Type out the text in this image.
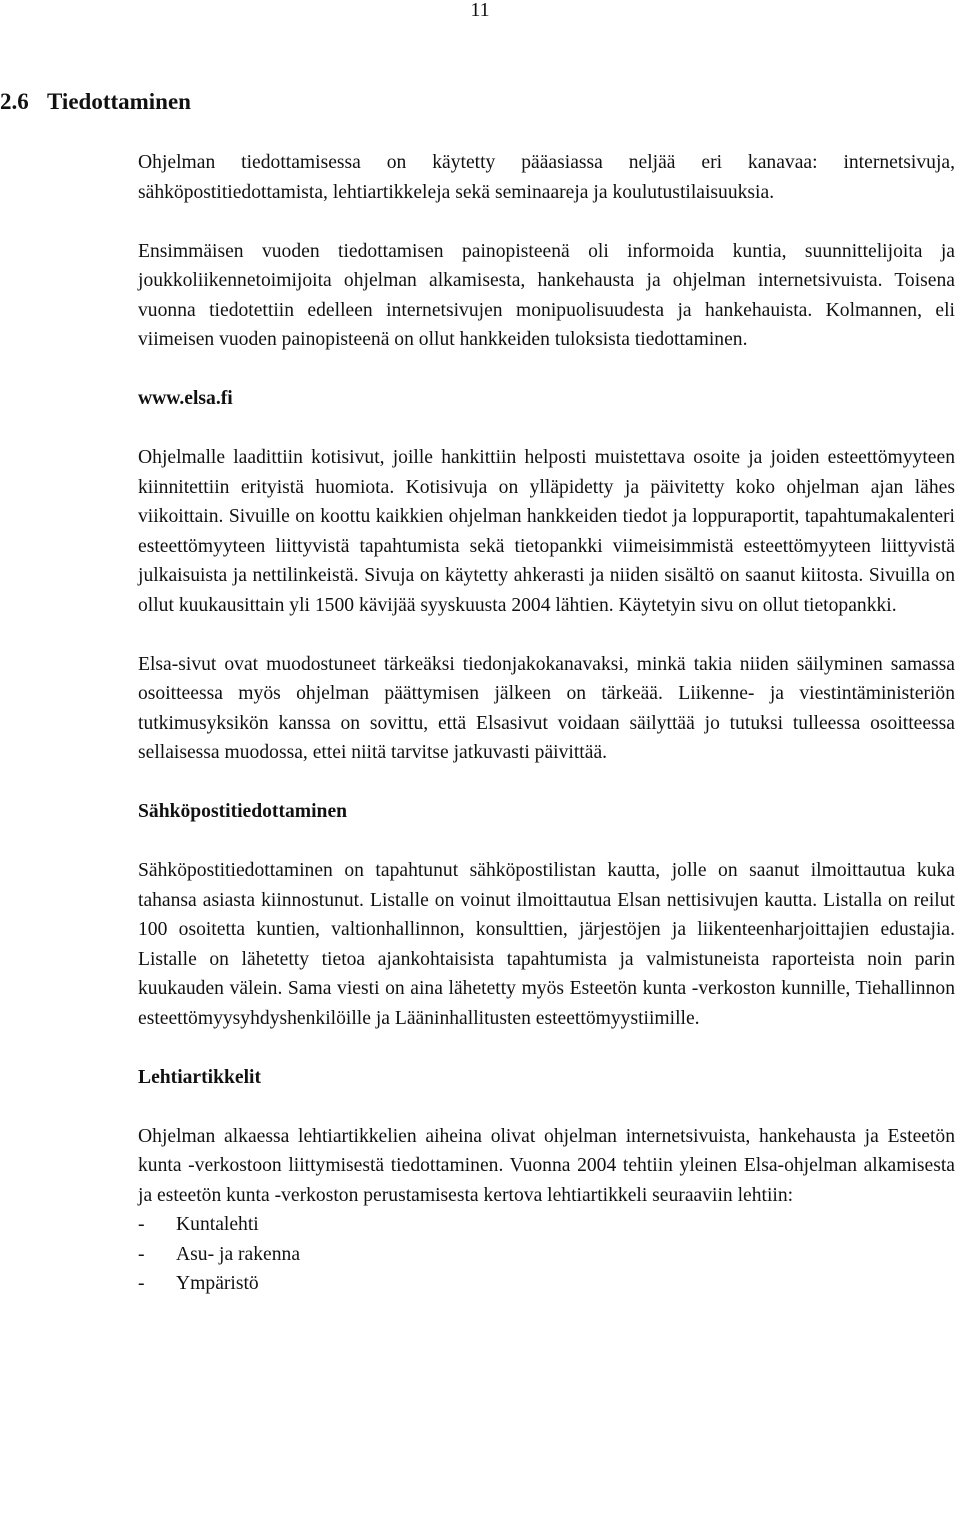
11
2.6 Tiedottaminen

Ohjelman tiedottamisessa on käytetty pääasiassa neljää eri kanavaa: internetsivuja, sähköpostitiedottamista, lehtiartikkeleja sekä seminaareja ja koulutustilaisuuksia.

Ensimmäisen vuoden tiedottamisen painopisteenä oli informoida kuntia, suunnittelijoita ja joukkoliikennetoimijoita ohjelman alkamisesta, hankehausta ja ohjelman internetsivuista. Toisena vuonna tiedotettiin edelleen internetsivujen monipuolisuudesta ja hankehauista. Kolmannen, eli viimeisen vuoden painopisteenä on ollut hankkeiden tuloksista tiedottaminen.

www.elsa.fi

Ohjelmalle laadittiin kotisivut, joille hankittiin helposti muistettava osoite ja joiden esteettömyyteen kiinnitettiin erityistä huomiota. Kotisivuja on ylläpidetty ja päivitetty koko ohjelman ajan lähes viikoittain. Sivuille on koottu kaikkien ohjelman hankkeiden tiedot ja loppuraportit, tapahtumakalenteri esteettömyyteen liittyvistä tapahtumista sekä tietopankki viimeisimmistä esteettömyyteen liittyvistä julkaisuista ja nettilinkeistä. Sivuja on käytetty ahkerasti ja niiden sisältö on saanut kiitosta. Sivuilla on ollut kuukausittain yli 1500 kävijää syyskuusta 2004 lähtien. Käytetyin sivu on ollut tietopankki.

Elsa-sivut ovat muodostuneet tärkeäksi tiedonjakokanavaksi, minkä takia niiden säilyminen samassa osoitteessa myös ohjelman päättymisen jälkeen on tärkeää. Liikenne- ja viestintäministeriön tutkimusyksikön kanssa on sovittu, että Elsasivut voidaan säilyttää jo tutuksi tulleessa osoitteessa sellaisessa muodossa, ettei niitä tarvitse jatkuvasti päivittää.

Sähköpostitiedottaminen

Sähköpostitiedottaminen on tapahtunut sähköpostilistan kautta, jolle on saanut ilmoittautua kuka tahansa asiasta kiinnostunut. Listalle on voinut ilmoittautua Elsan nettisivujen kautta. Listalla on reilut 100 osoitetta kuntien, valtionhallinnon, konsulttien, järjestöjen ja liikenteenharjoittajien edustajia. Listalle on lähetetty tietoa ajankohtaisista tapahtumista ja valmistuneista raporteista noin parin kuukauden välein. Sama viesti on aina lähetetty myös Esteetön kunta -verkoston kunnille, Tiehallinnon esteettömyysyhdyshenkilöille ja Lääninhallitusten esteettömyystiimille.

Lehtiartikkelit

Ohjelman alkaessa lehtiartikkelien aiheina olivat ohjelman internetsivuista, hankehausta ja Esteetön kunta -verkostoon liittymisestä tiedottaminen. Vuonna 2004 tehtiin yleinen Elsa-ohjelman alkamisesta ja esteetön kunta -verkoston perustamisesta kertova lehtiartikkeli seuraaviin lehtiin:

- Kuntalehti
- Asu- ja rakenna
- Ympäristö
